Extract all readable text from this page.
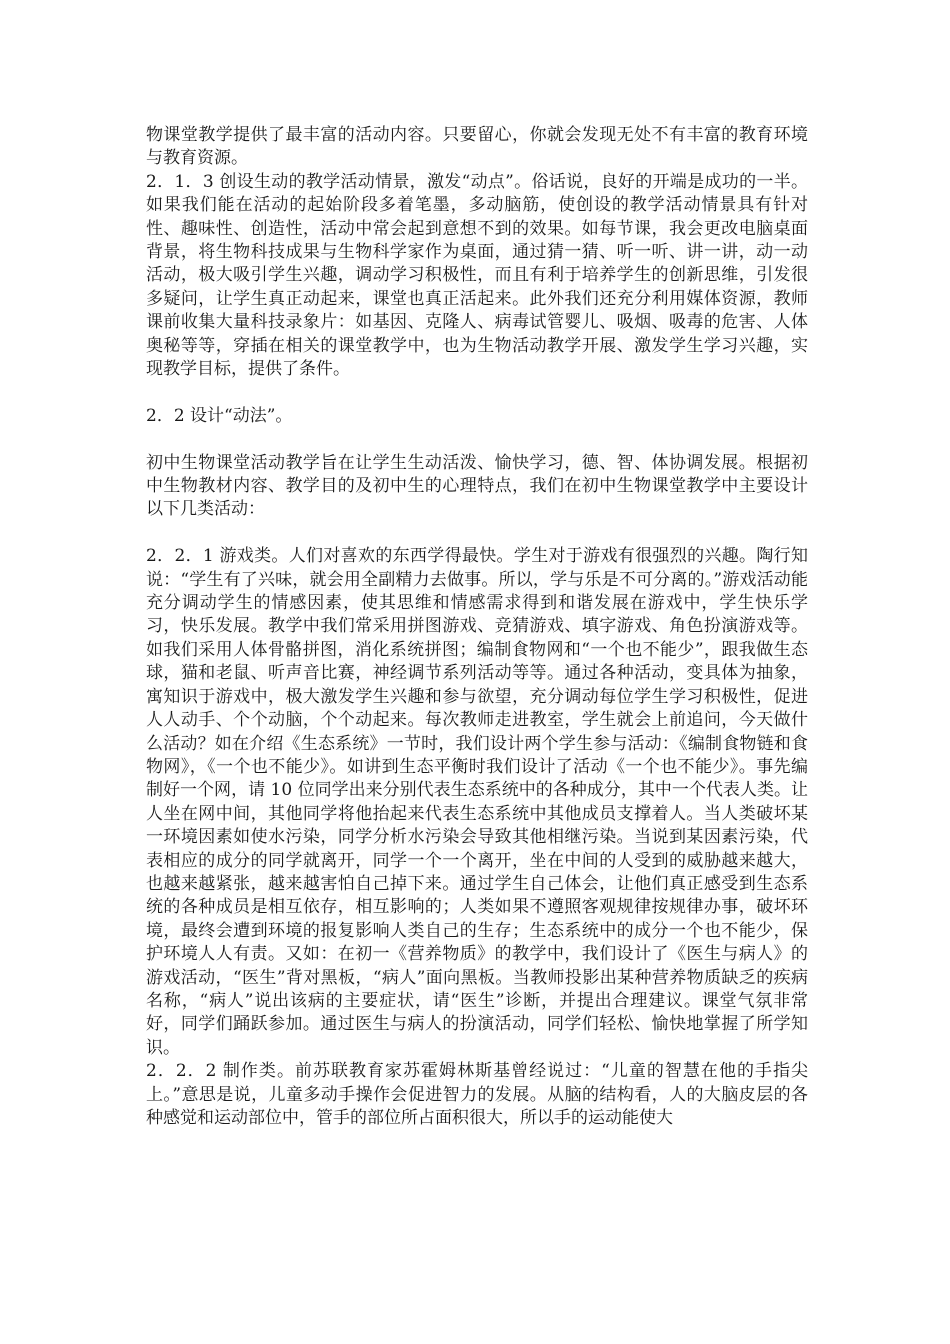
物课堂教学提供了最丰富的活动内容。只要留心，你就会发现无处不有丰富的教育环境与教育资源。

2．1．3 创设生动的教学活动情景，激发“动点”。俗话说，良好的开端是成功的一半。如果我们能在活动的起始阶段多着笔墨，多动脑筋，使创设的教学活动情景具有针对性、趣味性、创造性，活动中常会起到意想不到的效果。如每节课，我会更改电脑桌面背景，将生物科技成果与生物科学家作为桌面，通过猜一猜、听一听、讲一讲，动一动活动，极大吸引学生兴趣，调动学习积极性，而且有利于培养学生的创新思维，引发很多疑问，让学生真正动起来，课堂也真正活起来。此外我们还充分利用媒体资源，教师课前收集大量科技录象片：如基因、克隆人、病毒试管婴儿、吸烟、吸毒的危害、人体奥秘等等，穿插在相关的课堂教学中，也为生物活动教学开展、激发学生学习兴趣，实现教学目标，提供了条件。

2．2 设计“动法”。

初中生物课堂活动教学旨在让学生生动活泼、愉快学习，德、智、体协调发展。根据初中生物教材内容、教学目的及初中生的心理特点，我们在初中生物课堂教学中主要设计以下几类活动：

2．2．1 游戏类。人们对喜欢的东西学得最快。学生对于游戏有很强烈的兴趣。陶行知说：“学生有了兴味，就会用全副精力去做事。所以，学与乐是不可分离的。”游戏活动能充分调动学生的情感因素，使其思维和情感需求得到和谐发展在游戏中，学生快乐学习，快乐发展。教学中我们常采用拼图游戏、竞猜游戏、填字游戏、角色扮演游戏等。如我们采用人体骨骼拼图，消化系统拼图；编制食物网和“一个也不能少”，跟我做生态球，猫和老鼠、听声音比赛，神经调节系列活动等等。通过各种活动，变具体为抽象，寓知识于游戏中，极大激发学生兴趣和参与欲望，充分调动每位学生学习积极性，促进人人动手、个个动脑，个个动起来。每次教师走进教室，学生就会上前追问，今天做什么活动？如在介绍《生态系统》一节时，我们设计两个学生参与活动：《编制食物链和食物网》，《一个也不能少》。如讲到生态平衡时我们设计了活动《一个也不能少》。事先编制好一个网，请 10 位同学出来分别代表生态系统中的各种成分，其中一个代表人类。让人坐在网中间，其他同学将他抬起来代表生态系统中其他成员支撑着人。当人类破坏某一环境因素如使水污染，同学分析水污染会导致其他相继污染。当说到某因素污染，代表相应的成分的同学就离开，同学一个一个离开，坐在中间的人受到的威胁越来越大，也越来越紧张，越来越害怕自己掉下来。通过学生自己体会，让他们真正感受到生态系统的各种成员是相互依存，相互影响的；人类如果不遵照客观规律按规律办事，破坏环境，最终会遭到环境的报复影响人类自己的生存；生态系统中的成分一个也不能少，保护环境人人有责。又如：在初一《营养物质》的教学中，我们设计了《医生与病人》的游戏活动，“医生”背对黑板，“病人”面向黑板。当教师投影出某种营养物质缺乏的疾病名称，“病人”说出该病的主要症状，请“医生”诊断，并提出合理建议。课堂气氛非常好，同学们踊跃参加。通过医生与病人的扮演活动，同学们轻松、愉快地掌握了所学知识。

2．2．2 制作类。前苏联教育家苏霍姆林斯基曾经说过：“儿童的智慧在他的手指尖上。”意思是说，儿童多动手操作会促进智力的发展。从脑的结构看，人的大脑皮层的各种感觉和运动部位中，管手的部位所占面积很大，所以手的运动能使大
